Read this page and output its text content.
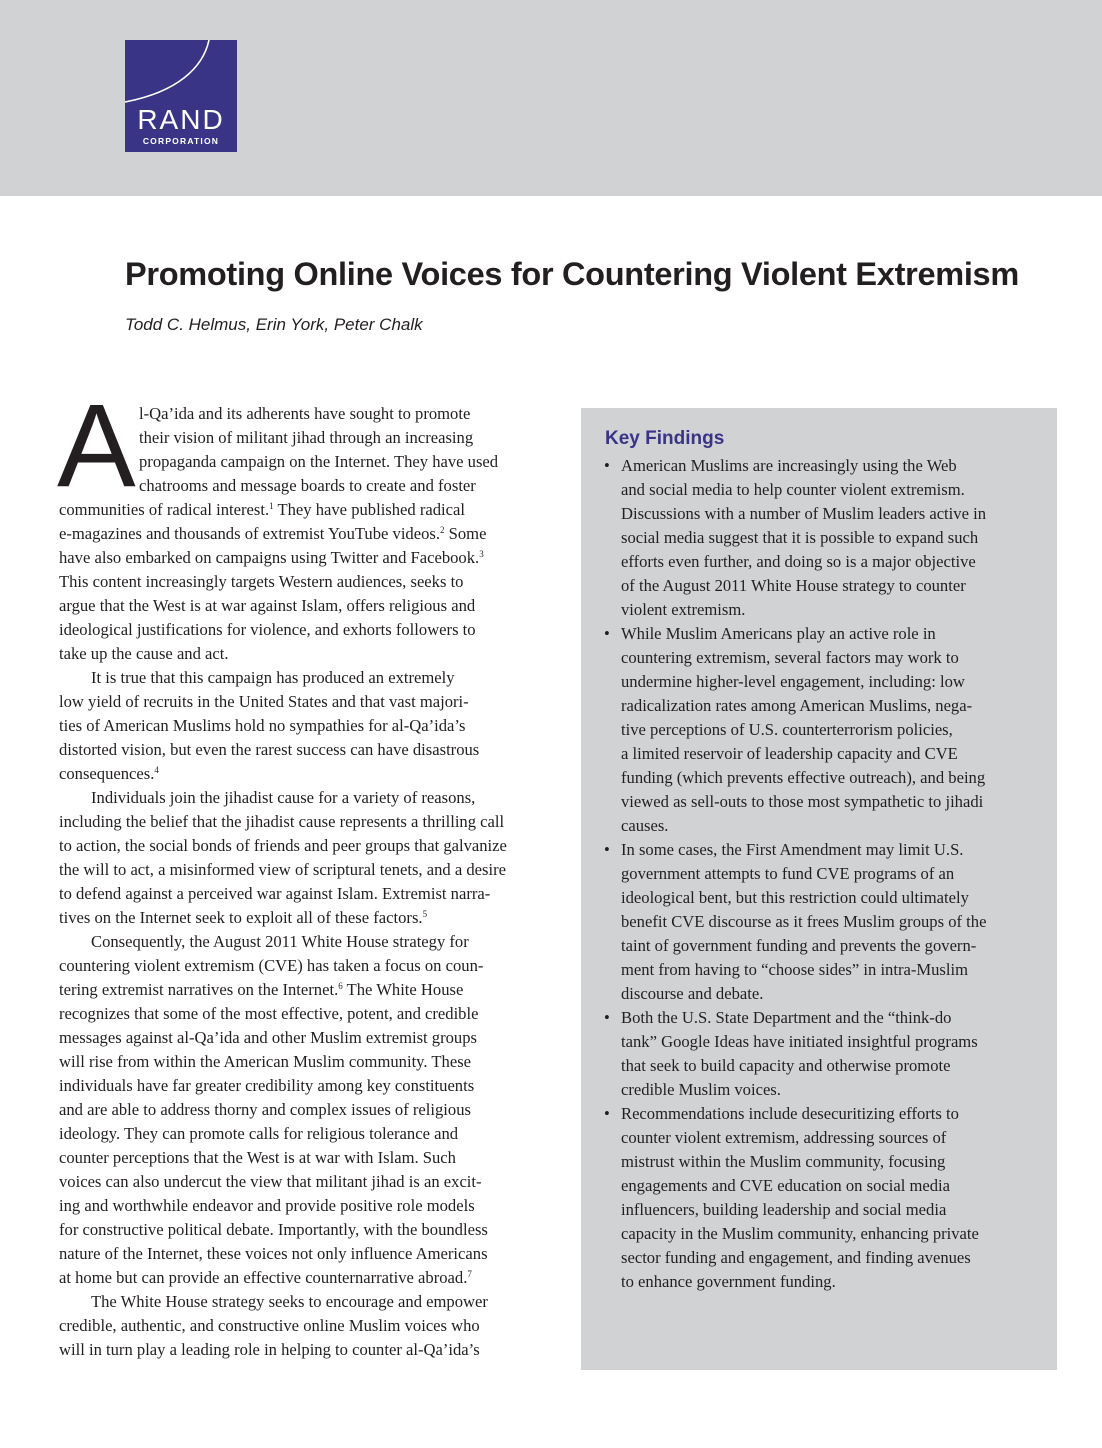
RAND
CORPORATION
Promoting Online Voices for Countering Violent Extremism
Todd C. Helmus, Erin York, Peter Chalk
A l-Qa’ida and its adherents have sought to promote
their vision of militant jihad through an increasing
propaganda campaign on the Internet. They have used
chatrooms and message boards to create and foster
communities of radical interest.$^1$ They have published radical
e-magazines and thousands of extremist YouTube videos.$^2$ Some
have also embarked on campaigns using Twitter and Facebook.$^3$
This content increasingly targets Western audiences, seeks to
argue that the West is at war against Islam, offers religious and
ideological justifications for violence, and exhorts followers to
take up the cause and act.
It is true that this campaign has produced an extremely
low yield of recruits in the United States and that vast majori-
ties of American Muslims hold no sympathies for al-Qa’ida’s
distorted vision, but even the rarest success can have disastrous
consequences.$^4$
Individuals join the jihadist cause for a variety of reasons,
including the belief that the jihadist cause represents a thrilling call
to action, the social bonds of friends and peer groups that galvanize
the will to act, a misinformed view of scriptural tenets, and a desire
to defend against a perceived war against Islam. Extremist narra-
tives on the Internet seek to exploit all of these factors.$^5$
Consequently, the August 2011 White House strategy for
countering violent extremism (CVE) has taken a focus on coun-
tering extremist narratives on the Internet.$^6$ The White House
recognizes that some of the most effective, potent, and credible
messages against al-Qa’ida and other Muslim extremist groups
will rise from within the American Muslim community. These
individuals have far greater credibility among key constituents
and are able to address thorny and complex issues of religious
ideology. They can promote calls for religious tolerance and
counter perceptions that the West is at war with Islam. Such
voices can also undercut the view that militant jihad is an excit-
ing and worthwhile endeavor and provide positive role models
for constructive political debate. Importantly, with the boundless
nature of the Internet, these voices not only influence Americans
at home but can provide an effective counternarrative abroad.$^7$
The White House strategy seeks to encourage and empower
credible, authentic, and constructive online Muslim voices who
will in turn play a leading role in helping to counter al-Qa’ida’s
Key Findings
• American Muslims are increasingly using the Web
and social media to help counter violent extremism.
Discussions with a number of Muslim leaders active in
social media suggest that it is possible to expand such
efforts even further, and doing so is a major objective
of the August 2011 White House strategy to counter
violent extremism.
• While Muslim Americans play an active role in
countering extremism, several factors may work to
undermine higher-level engagement, including: low
radicalization rates among American Muslims, nega-
tive perceptions of U.S. counterterrorism policies,
a limited reservoir of leadership capacity and CVE
funding (which prevents effective outreach), and being
viewed as sell-outs to those most sympathetic to jihadi
causes.
• In some cases, the First Amendment may limit U.S.
government attempts to fund CVE programs of an
ideological bent, but this restriction could ultimately
benefit CVE discourse as it frees Muslim groups of the
taint of government funding and prevents the govern-
ment from having to “choose sides” in intra-Muslim
discourse and debate.
• Both the U.S. State Department and the “think-do
tank” Google Ideas have initiated insightful programs
that seek to build capacity and otherwise promote
credible Muslim voices.
• Recommendations include desecuritizing efforts to
counter violent extremism, addressing sources of
mistrust within the Muslim community, focusing
engagements and CVE education on social media
influencers, building leadership and social media
capacity in the Muslim community, enhancing private
sector funding and engagement, and finding avenues
to enhance government funding.
